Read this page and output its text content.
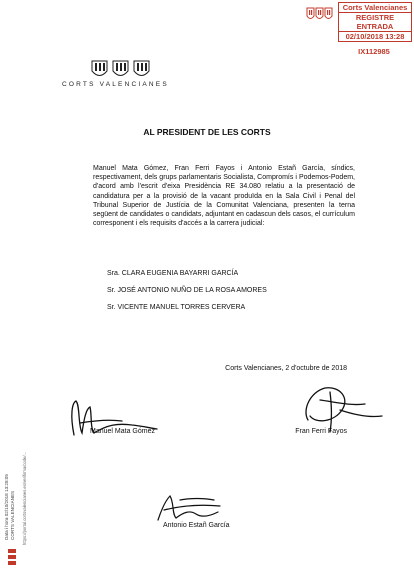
Corts Valencianes
REGISTRE ENTRADA
02/10/2018 13:28
IX112985
CORTS VALENCIANES
AL PRESIDENT DE LES CORTS
Manuel Mata Gómez, Fran Ferri Fayos i Antonio Estañ García, síndics, respectivament, dels grups parlamentaris Socialista, Compromís i Podemos-Podem, d'acord amb l'escrit d'eixa Presidència RE 34.080 relatiu a la presentació de candidatura per a la provisió de la vacant produïda en la Sala Civil i Penal del Tribunal Superior de Justícia de la Comunitat Valenciana, presenten la terna següent de candidates o candidats, adjuntant en cadascun dels casos, el currículum corresponent i els requisits d'accés a la carrera judicial:
Sra. CLARA EUGENIA BAYARRI GARCÍA
Sr. JOSÉ ANTONIO NUÑO DE LA ROSA AMORES
Sr. VICENTE MANUEL TORRES CERVERA
Corts Valencianes, 2 d'octubre de 2018
Manuel Mata Gómez	Fran Ferri Fayos
Antonio Estañ García
Data i hora 02/10/2018 13:28:05 CORTS VALENCIANES https://portal.cortsvalencianes.es/verifirma/code/...
